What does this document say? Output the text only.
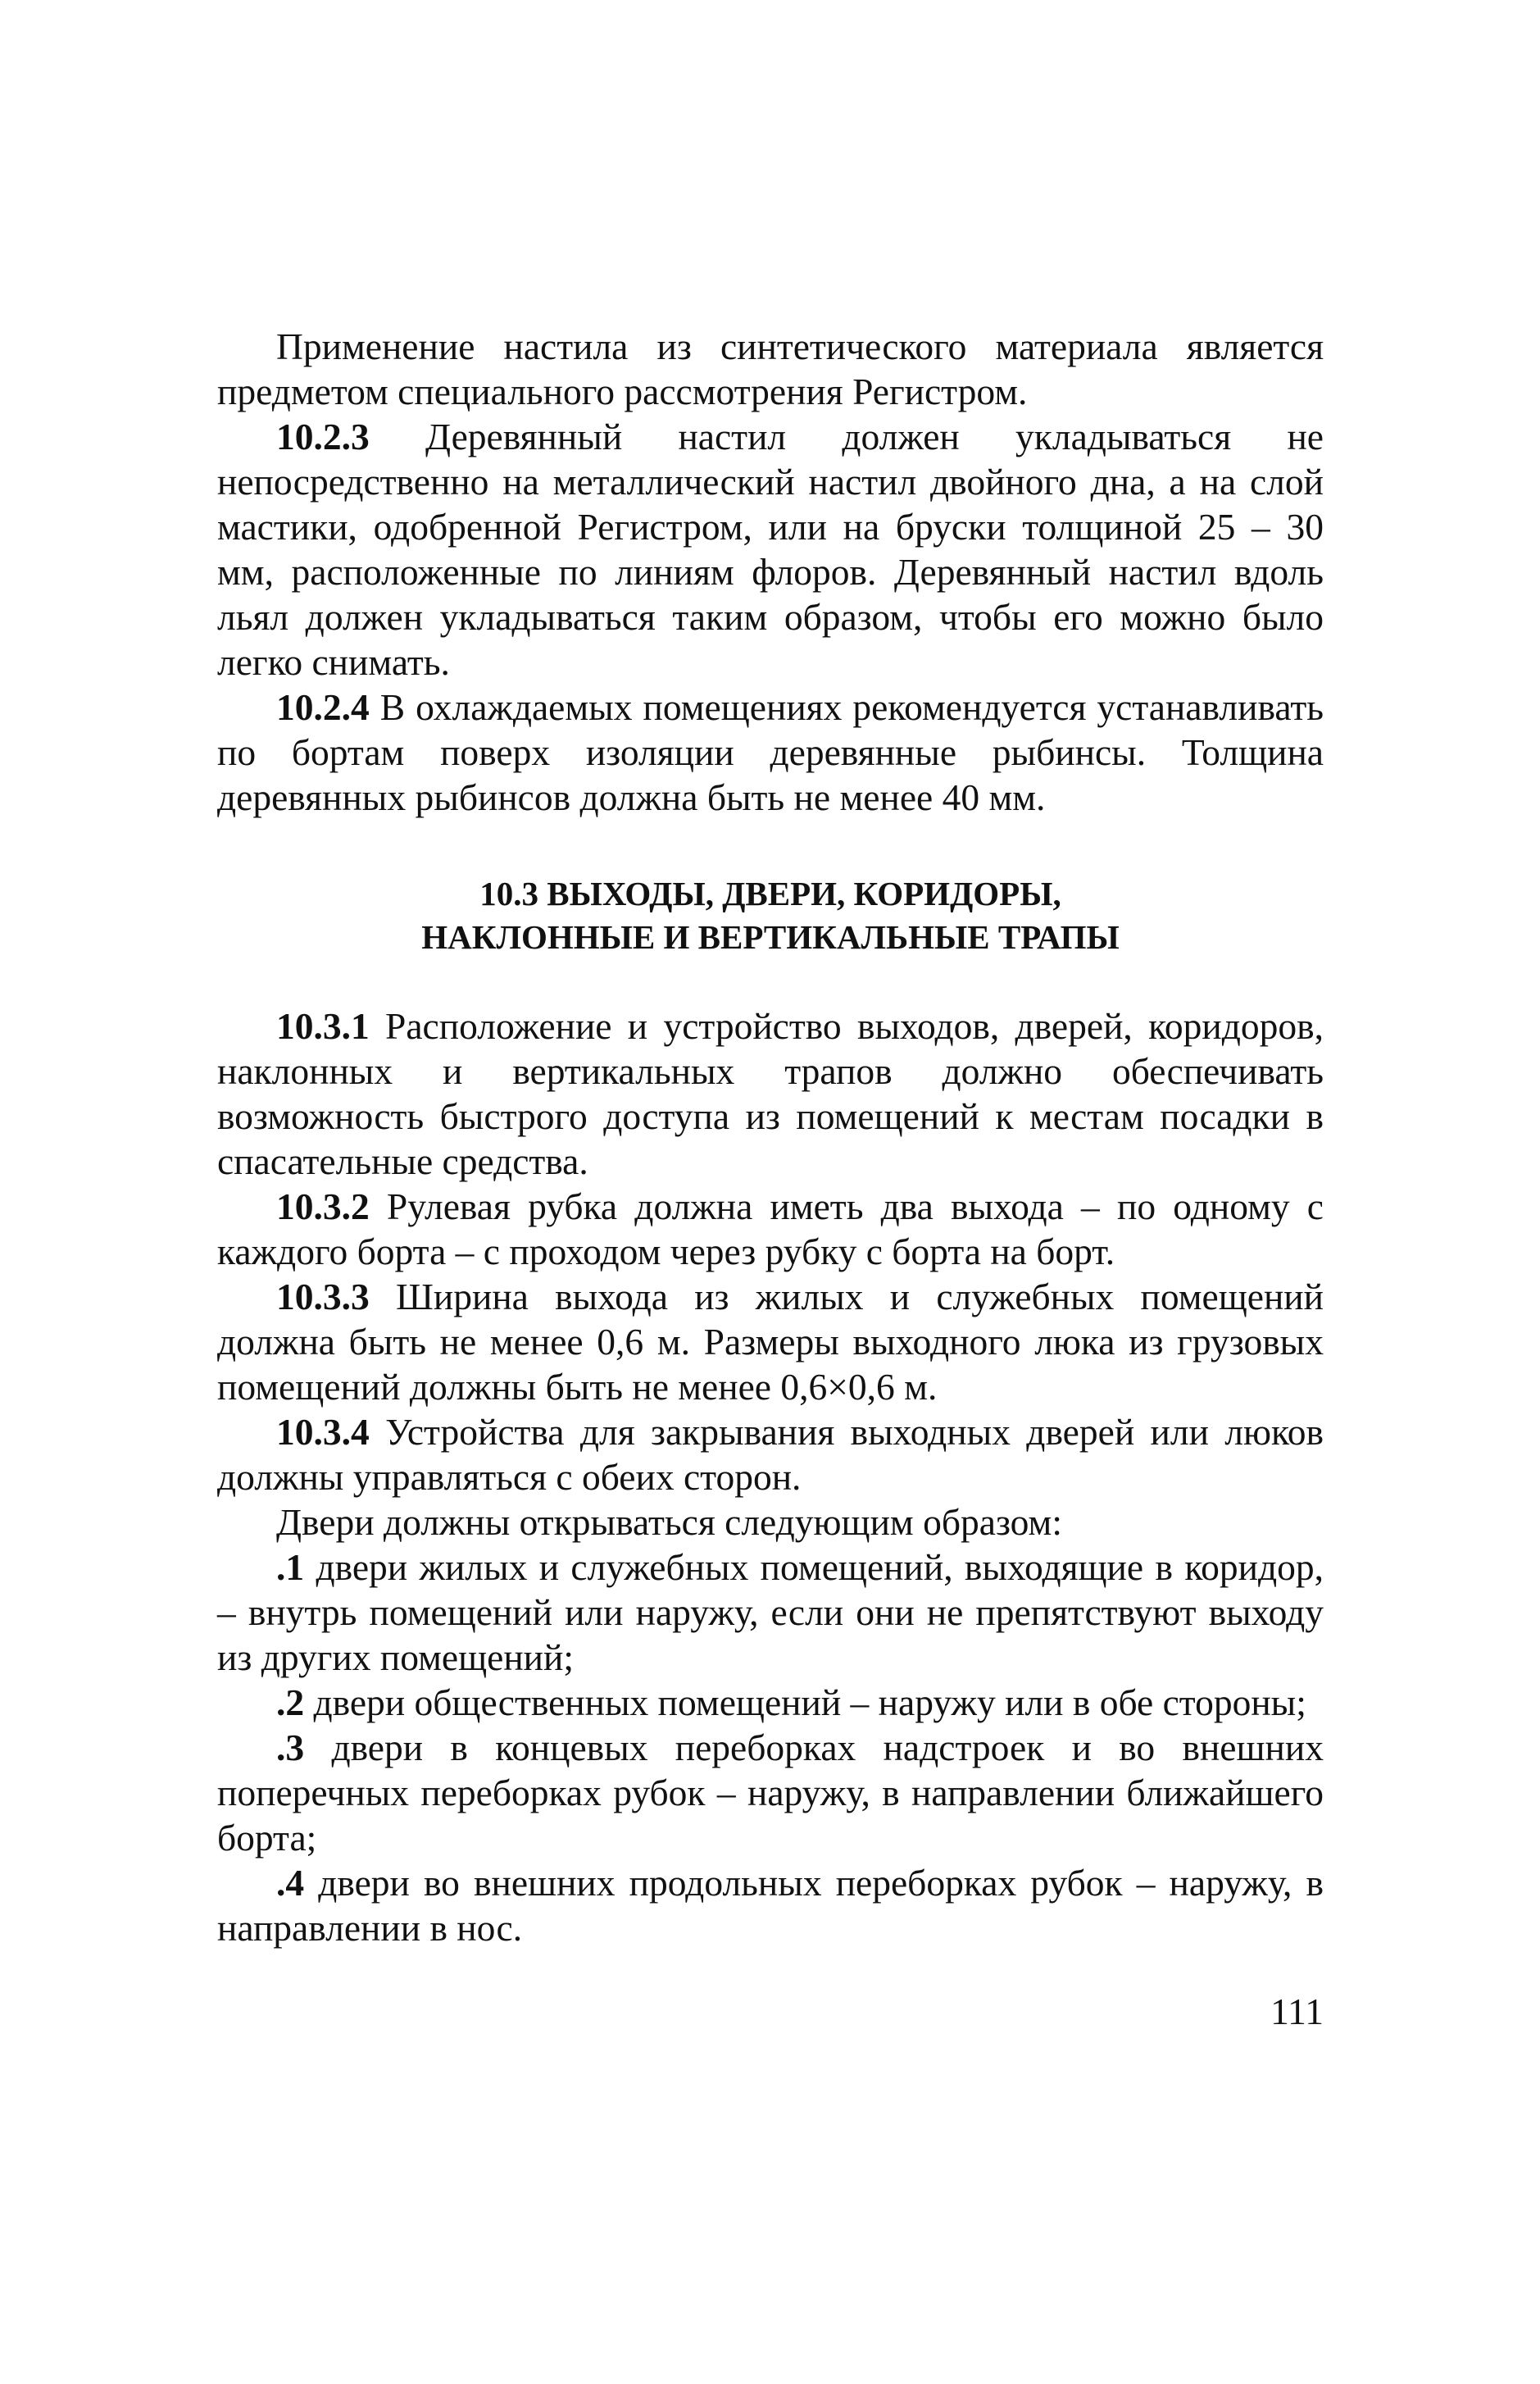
Применение настила из синтетического материала является предметом специального рассмотрения Регистром.

10.2.3 Деревянный настил должен укладываться не непосредственно на металлический настил двойного дна, а на слой мастики, одобренной Регистром, или на бруски толщиной 25 – 30 мм, расположенные по линиям флоров. Деревянный настил вдоль льял должен укладываться таким образом, чтобы его можно было легко снимать.

10.2.4 В охлаждаемых помещениях рекомендуется устанавливать по бортам поверх изоляции деревянные рыбинсы. Толщина деревянных рыбинсов должна быть не менее 40 мм.

10.3 ВЫХОДЫ, ДВЕРИ, КОРИДОРЫ,
НАКЛОННЫЕ И ВЕРТИКАЛЬНЫЕ ТРАПЫ

10.3.1 Расположение и устройство выходов, дверей, коридоров, наклонных и вертикальных трапов должно обеспечивать возможность быстрого доступа из помещений к местам посадки в спасательные средства.

10.3.2 Рулевая рубка должна иметь два выхода – по одному с каждого борта – с проходом через рубку с борта на борт.

10.3.3 Ширина выхода из жилых и служебных помещений должна быть не менее 0,6 м. Размеры выходного люка из грузовых помещений должны быть не менее 0,6×0,6 м.

10.3.4 Устройства для закрывания выходных дверей или люков должны управляться с обеих сторон.

Двери должны открываться следующим образом:

.1 двери жилых и служебных помещений, выходящие в коридор, – внутрь помещений или наружу, если они не препятствуют выходу из других помещений;

.2 двери общественных помещений – наружу или в обе стороны;

.3 двери в концевых переборках надстроек и во внешних поперечных переборках рубок – наружу, в направлении ближайшего борта;

.4 двери во внешних продольных переборках рубок – наружу, в направлении в нос.

111
